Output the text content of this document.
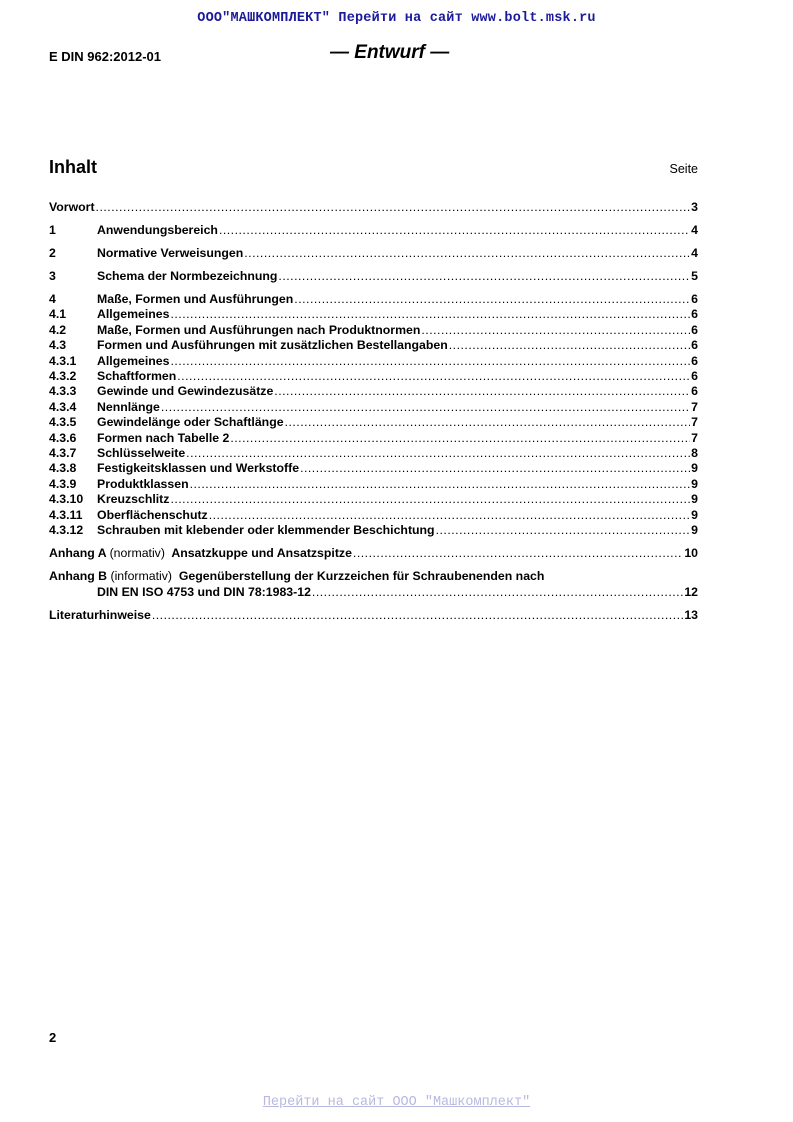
ООО"МАШКОМПЛЕКТ" Перейти на сайт www.bolt.msk.ru
E DIN 962:2012-01	— Entwurf —
Inhalt	Seite
Vorwort .....	3
1	Anwendungsbereich .....	4
2	Normative Verweisungen .....	4
3	Schema der Normbezeichnung .....	5
4	Maße, Formen und Ausführungen .....	6
4.1	Allgemeines .....	6
4.2	Maße, Formen und Ausführungen nach Produktnormen .....	6
4.3	Formen und Ausführungen mit zusätzlichen Bestellangaben .....	6
4.3.1	Allgemeines .....	6
4.3.2	Schaftformen .....	6
4.3.3	Gewinde und Gewindezusätze .....	6
4.3.4	Nennlänge .....	7
4.3.5	Gewindelänge oder Schaftlänge .....	7
4.3.6	Formen nach Tabelle 2 .....	7
4.3.7	Schlüsselweite .....	8
4.3.8	Festigkeitsklassen und Werkstoffe .....	9
4.3.9	Produktklassen .....	9
4.3.10	Kreuzschlitz .....	9
4.3.11	Oberflächenschutz .....	9
4.3.12	Schrauben mit klebender oder klemmender Beschichtung .....	9
Anhang A (normativ) Ansatzkuppe und Ansatzspitze .....	10
Anhang B (informativ) Gegenüberstellung der Kurzzeichen für Schraubenenden nach
DIN EN ISO 4753 und DIN 78:1983-12 .....	12
Literaturhinweise .....	13
2
Перейти на сайт ООО "Машкомплект"
